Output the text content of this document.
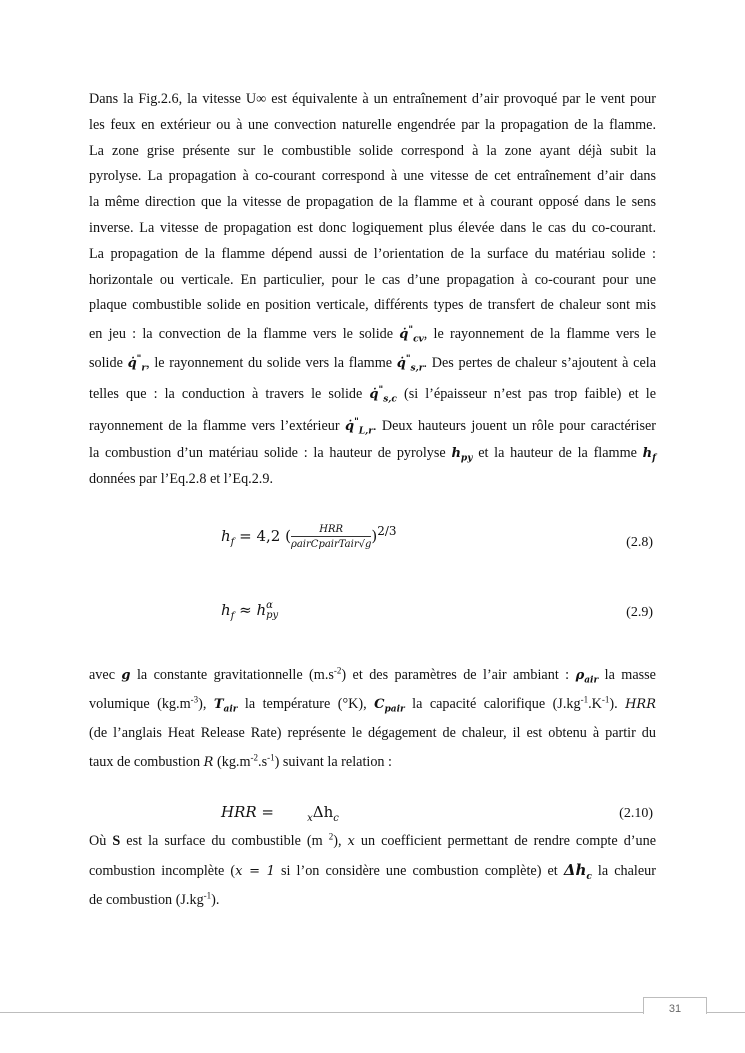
Dans la Fig.2.6, la vitesse U∞ est équivalente à un entraînement d’air provoqué par le vent pour
les feux en extérieur ou à une convection naturelle engendrée par la propagation de la flamme.
La zone grise présente sur le combustible solide correspond à la zone ayant déjà subit la
pyrolyse. La propagation à co-courant correspond à une vitesse de cet entraînement d’air dans
la même direction que la vitesse de propagation de la flamme et à courant opposé dans le sens
inverse. La vitesse de propagation est donc logiquement plus élevée dans le cas du co-courant.
La propagation de la flamme dépend aussi de l’orientation de la surface du matériau solide :
horizontale ou verticale. En particulier, pour le cas d’une propagation à co-courant pour une
plaque combustible solide en position verticale, différents types de transfert de chaleur sont mis
en jeu : la convection de la flamme vers le solide $q̇^"_{cv}$, le rayonnement de la flamme vers le
solide $q̇^"_r$, le rayonnement du solide vers la flamme $q̇^"_{s,r}$. Des pertes de chaleur s’ajoutent à cela
telles que : la conduction à travers le solide $q̇^"_{s,c}$ (si l’épaisseur n’est pas trop faible) et le
rayonnement de la flamme vers l’extérieur $q̇^"_{L,r}$. Deux hauteurs jouent un rôle pour caractériser
la combustion d’un matériau solide : la hauteur de pyrolyse $h_{py}$ et la hauteur de la flamme $h_f$
données par l’Eq.2.8 et l’Eq.2.9.
$h_f = 4,2$ ( $\frac{\text{HRR}}{\text{ρairCpairTair√g}} )^{2/3}$
(2.8)
$h_f \approx h$ α
py	(2.9)
avec g la constante gravitationnelle $(m.s^{-2})$ et des paramètres de l’air ambiant : $\rho_{air}$ la masse
volumique $(kg.m^{-3})$, $T_{air}$ la température (°K), $C_{pair}$ la capacité calorifique $(J.kg^{-1}.K^{-1})$. HRR
(de l’anglais Heat Release Rate) représente le dégagement de chaleur, il est obtenu à partir du
taux de combustion R $(kg.m^{-2}.s^{-1})$ suivant la relation :
HRR =	$_x\Delta h_c$	(2.10)
Où S est la surface du combustible (m $^2$), x un coefficient permettant de rendre compte d’une
combustion incomplète (x = 1 si l’on considère une combustion complète) et $\Delta h_c$ la chaleur
de combustion $(J.kg^{-1})$.
31
